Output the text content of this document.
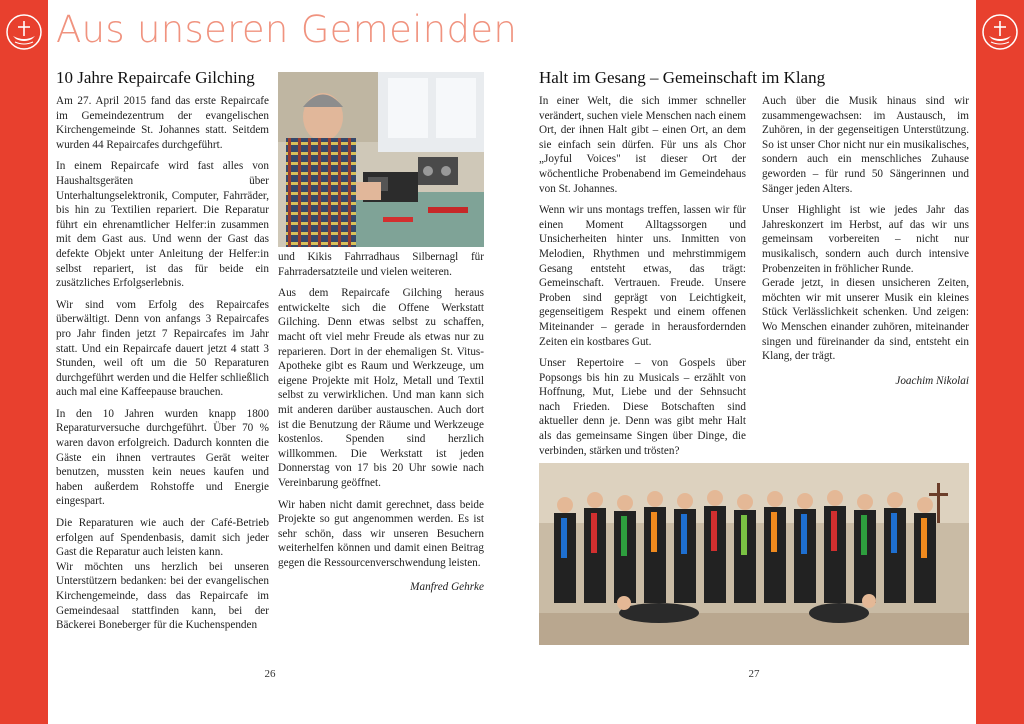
Aus unseren Gemeinden
10 Jahre Repaircafe Gilching

Am 27. April 2015 fand das erste Repaircafe im Gemeindezentrum der evangelischen Kirchengemeinde St. Johannes statt. Seitdem wurden 44 Repaircafes durchgeführt.

In einem Repaircafe wird fast alles von Haushaltsgeräten über Unterhaltungselektronik, Computer, Fahrräder, bis hin zu Textilien repariert. Die Reparatur führt ein ehrenamtlicher Helfer:in zusammen mit dem Gast aus. Und wenn der Gast das defekte Objekt unter Anleitung der Helfer:in selbst repariert, ist das für beide ein zusätzliches Erfolgserlebnis.

Wir sind vom Erfolg des Repaircafes überwältigt. Denn von anfangs 3 Repaircafes pro Jahr finden jetzt 7 Repaircafes im Jahr statt. Und ein Repaircafe dauert jetzt 4 statt 3 Stunden, weil oft um die 50 Reparaturen durchgeführt werden und die Helfer schließlich auch mal eine Kaffeepause brauchen.

In den 10 Jahren wurden knapp 1800 Reparaturversuche durchgeführt. Über 70 % waren davon erfolgreich. Dadurch konnten die Gäste ein ihnen vertrautes Gerät weiter benutzen, mussten kein neues kaufen und haben außerdem Rohstoffe und Energie eingespart.

Die Reparaturen wie auch der Café-Betrieb erfolgen auf Spendenbasis, damit sich jeder Gast die Reparatur auch leisten kann.

Wir möchten uns herzlich bei unseren Unterstützern bedanken: bei der evangelischen Kirchengemeinde, dass das Repaircafe im Gemeindesaal stattfinden kann, bei der Bäckerei Boneberger für die Kuchenspenden

und Kikis Fahrradhaus Silbernagl für Fahrradersatzteile und vielen weiteren.

Aus dem Repaircafe Gilching heraus entwickelte sich die Offene Werkstatt Gilching. Denn etwas selbst zu schaffen, macht oft viel mehr Freude als etwas nur zu reparieren. Dort in der ehemaligen St. Vitus-Apotheke gibt es Raum und Werkzeuge, um eigene Projekte mit Holz, Metall und Textil selbst zu verwirklichen. Und man kann sich mit anderen darüber austauschen. Auch dort ist die Benutzung der Räume und Werkzeuge kostenlos. Spenden sind herzlich willkommen. Die Werkstatt ist jeden Donnerstag von 17 bis 20 Uhr sowie nach Vereinbarung geöffnet.

Wir haben nicht damit gerechnet, dass beide Projekte so gut angenommen werden. Es ist sehr schön, dass wir unseren Besuchern weiterhelfen können und damit einen Beitrag gegen die Ressourcenverschwendung leisten.

Manfred Gehrke
26
Halt im Gesang – Gemeinschaft im Klang

In einer Welt, die sich immer schneller verändert, suchen viele Menschen nach einem Ort, der ihnen Halt gibt – einen Ort, an dem sie einfach sein dürfen. Für uns als Chor „Joyful Voices" ist dieser Ort der wöchentliche Probenabend im Gemeindehaus von St. Johannes.

Wenn wir uns montags treffen, lassen wir für einen Moment Alltagssorgen und Unsicherheiten hinter uns. Inmitten von Melodien, Rhythmen und mehrstimmigem Gesang entsteht etwas, das trägt: Gemeinschaft. Vertrauen. Freude. Unsere Proben sind geprägt von Leichtigkeit, gegenseitigem Respekt und einem offenen Miteinander – gerade in herausfordernden Zeiten ein kostbares Gut.

Unser Repertoire – von Gospels über Popsongs bis hin zu Musicals – erzählt von Hoffnung, Mut, Liebe und der Sehnsucht nach Frieden. Diese Botschaften sind aktueller denn je. Denn was gibt mehr Halt als das gemeinsame Singen über Dinge, die verbinden, stärken und trösten?

Auch über die Musik hinaus sind wir zusammengewachsen: im Austausch, im Zuhören, in der gegenseitigen Unterstützung. So ist unser Chor nicht nur ein musikalisches, sondern auch ein menschliches Zuhause geworden – für rund 50 Sängerinnen und Sänger jeden Alters.

Unser Highlight ist wie jedes Jahr das Jahreskonzert im Herbst, auf das wir uns gemeinsam vorbereiten – nicht nur musikalisch, sondern auch durch intensive Probenzeiten in fröhlicher Runde.

Gerade jetzt, in diesen unsicheren Zeiten, möchten wir mit unserer Musik ein kleines Stück Verlässlichkeit schenken. Und zeigen: Wo Menschen einander zuhören, miteinander singen und füreinander da sind, entsteht ein Klang, der trägt.

Joachim Nikolai
27
